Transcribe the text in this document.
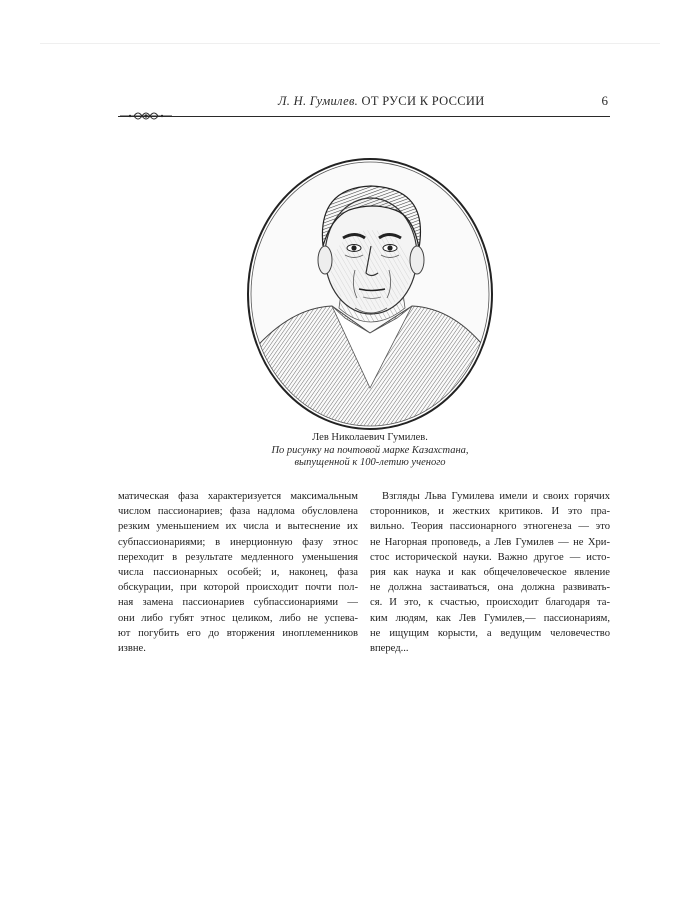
Л. Н. Гумилев. ОТ РУСИ К РОССИИ	6
Лев Николаевич Гумилев.
По рисунку на почтовой марке Казахстана,
выпущенной к 100-летию ученого
матическая фаза характеризуется максимальным
числом пассионариев; фаза надлома обусловлена
резким уменьшением их числа и вытеснение их
субпассионариями; в инерционную фазу этнос
переходит в результате медленного уменьшения
числа пассионарных особей; и, наконец, фаза
обскурации, при которой происходит почти пол-
ная замена пассионариев субпассионариями —
они либо губят этнос целиком, либо не успева-
ют погубить его до вторжения иноплеменников
извне.
Взгляды Льва Гумилева имели и своих горячих
сторонников, и жестких критиков. И это пра-
вильно. Теория пассионарного этногенеза — это
не Нагорная проповедь, а Лев Гумилев — не Хри-
стос исторической науки. Важно другое — исто-
рия как наука и как общечеловеческое явление
не должна застаиваться, она должна развивать-
ся. И это, к счастью, происходит благодаря та-
ким людям, как Лев Гумилев,— пассионариям,
не ищущим корысти, а ведущим человечество
вперед...
